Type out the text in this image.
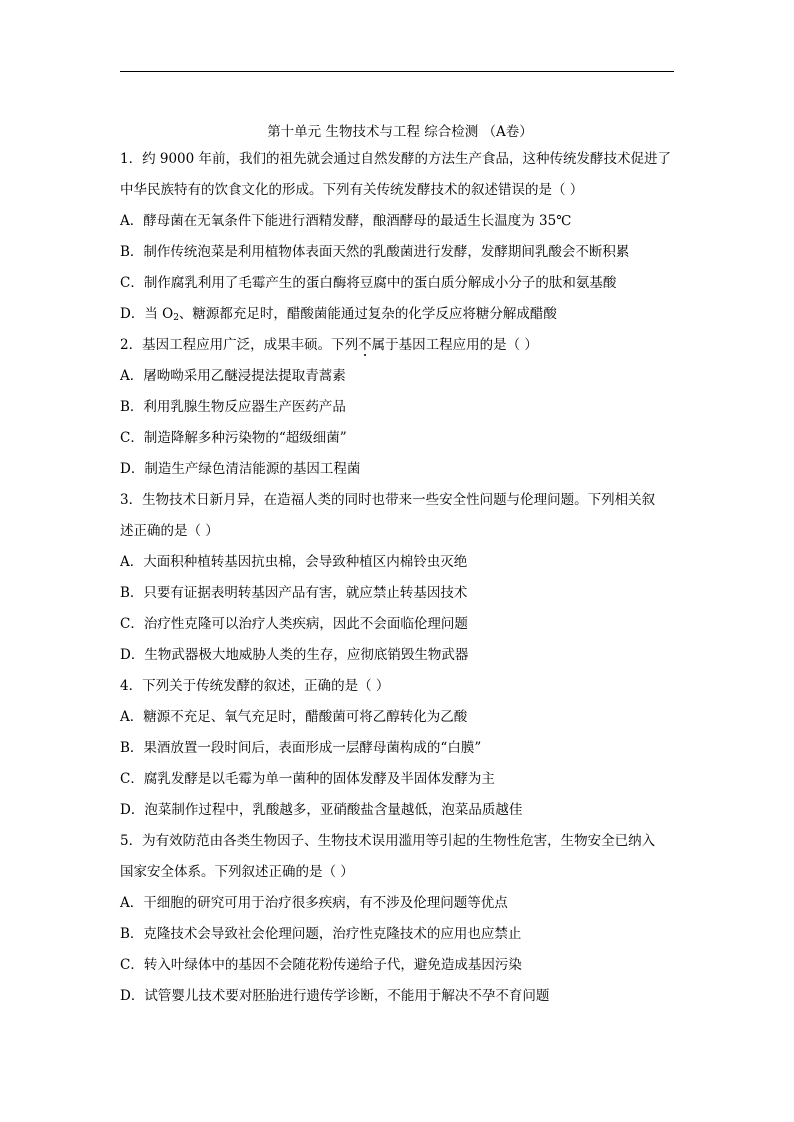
第十单元 生物技术与工程 综合检测 （A卷）
1．约 9000 年前，我们的祖先就会通过自然发酵的方法生产食品，这种传统发酵技术促进了
中华民族特有的饮食文化的形成。下列有关传统发酵技术的叙述错误的是（ ）
A．酵母菌在无氧条件下能进行酒精发酵，酿酒酵母的最适生长温度为 35℃
B．制作传统泡菜是利用植物体表面天然的乳酸菌进行发酵，发酵期间乳酸会不断积累
C．制作腐乳利用了毛霉产生的蛋白酶将豆腐中的蛋白质分解成小分子的肽和氨基酸
D．当 $O_2$、糖源都充足时，醋酸菌能通过复杂的化学反应将糖分解成醋酸
2．基因工程应用广泛，成果丰硕。下列不属于基因工程应用的是（ ）
A．屠呦呦采用乙醚浸提法提取青蒿素
B．利用乳腺生物反应器生产医药产品
C．制造降解多种污染物的“超级细菌”
D．制造生产绿色清洁能源的基因工程菌
3．生物技术日新月异，在造福人类的同时也带来一些安全性问题与伦理问题。下列相关叙
述正确的是（ ）
A．大面积种植转基因抗虫棉，会导致种植区内棉铃虫灭绝
B．只要有证据表明转基因产品有害，就应禁止转基因技术
C．治疗性克隆可以治疗人类疾病，因此不会面临伦理问题
D．生物武器极大地威胁人类的生存，应彻底销毁生物武器
4．下列关于传统发酵的叙述，正确的是（ ）
A．糖源不充足、氧气充足时，醋酸菌可将乙醇转化为乙酸
B．果酒放置一段时间后，表面形成一层酵母菌构成的“白膜”
C．腐乳发酵是以毛霉为单一菌种的固体发酵及半固体发酵为主
D．泡菜制作过程中，乳酸越多，亚硝酸盐含量越低，泡菜品质越佳
5．为有效防范由各类生物因子、生物技术误用滥用等引起的生物性危害，生物安全已纳入
国家安全体系。下列叙述正确的是（ ）
A．干细胞的研究可用于治疗很多疾病，有不涉及伦理问题等优点
B．克隆技术会导致社会伦理问题，治疗性克隆技术的应用也应禁止
C．转入叶绿体中的基因不会随花粉传递给子代，避免造成基因污染
D．试管婴儿技术要对胚胎进行遗传学诊断，不能用于解决不孕不育问题
